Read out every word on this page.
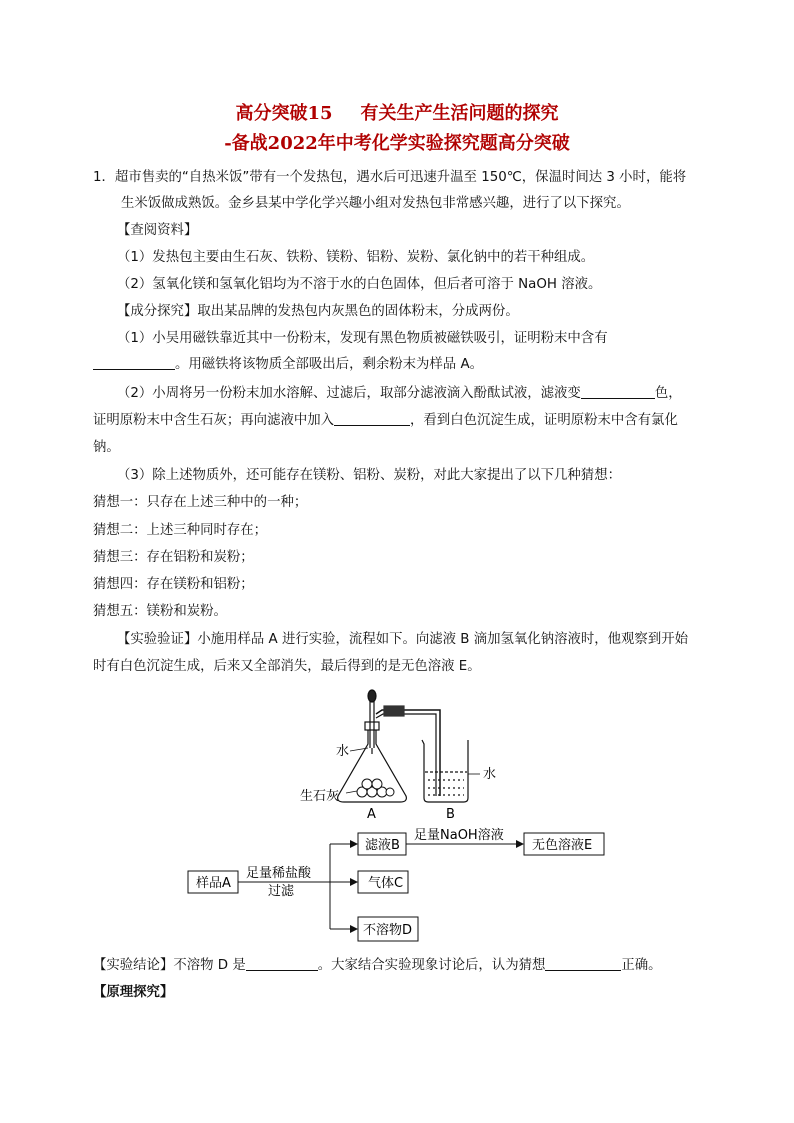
高分突破15 有关生产生活问题的探究
-备战2022年中考化学实验探究题高分突破
1．超市售卖的“自热米饭”带有一个发热包，遇水后可迅速升温至 150℃，保温时间达 3 小时，能将
生米饭做成熟饭。金乡县某中学化学兴趣小组对发热包非常感兴趣，进行了以下探究。
【查阅资料】
（1）发热包主要由生石灰、铁粉、镁粉、铝粉、炭粉、氯化钠中的若干种组成。
（2）氢氧化镁和氢氧化铝均为不溶于水的白色固体，但后者可溶于 NaOH 溶液。
【成分探究】取出某品牌的发热包内灰黑色的固体粉末，分成两份。
（1）小吴用磁铁靠近其中一份粉末，发现有黑色物质被磁铁吸引，证明粉末中含有
。用磁铁将该物质全部吸出后，剩余粉末为样品 A。
（2）小周将另一份粉末加水溶解、过滤后，取部分滤液滴入酚酞试液，滤液变	色，
证明原粉末中含生石灰；再向滤液中加入	，看到白色沉淀生成，证明原粉末中含有氯化
钠。
（3）除上述物质外，还可能存在镁粉、铝粉、炭粉，对此大家提出了以下几种猜想：
猜想一：只存在上述三种中的一种；
猜想二：上述三种同时存在；
猜想三：存在铝粉和炭粉；
猜想四：存在镁粉和铝粉；
猜想五：镁粉和炭粉。
【实验验证】小施用样品 A 进行实验，流程如下。向滤液 B 滴加氢氧化钠溶液时，他观察到开始
时有白色沉淀生成，后来又全部消失，最后得到的是无色溶液 E。
水
生石灰
水
A	B
样品A
滤液B
气体C
不溶物D
无色溶液E
足量稀盐酸
过滤
足量NaOH溶液
【实验结论】不溶物 D 是	。大家结合实验现象讨论后，认为猜想	正确。
【原理探究】
